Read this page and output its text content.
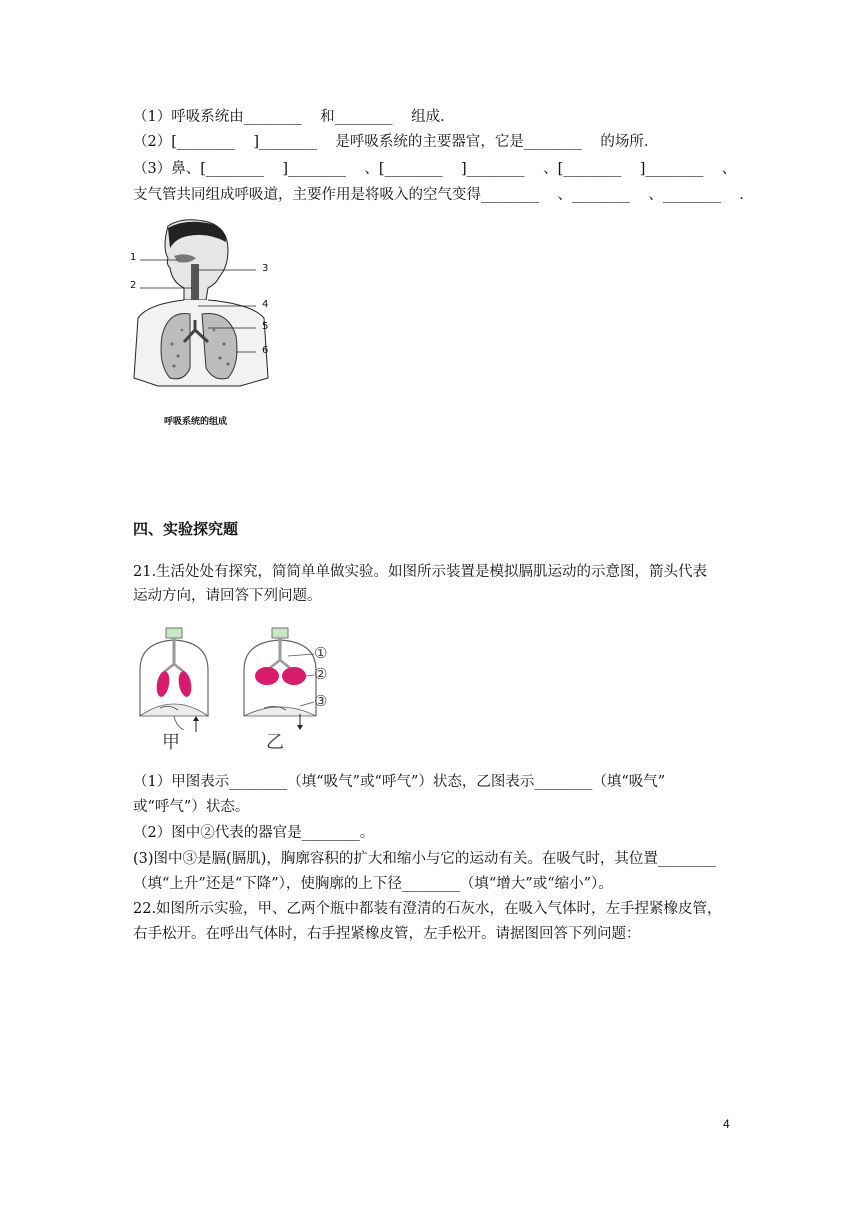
（1）呼吸系统由________    和________    组成．
（2）[________    ]________    是呼吸系统的主要器官，它是________    的场所．
（3）鼻、[________    ]________    、[________    ]________    、[________    ]________    、
支气管共同组成呼吸道，主要作用是将吸入的空气变得________    、________    、________    ．
1
2
3
4
5
6
呼吸系统的组成
四、实验探究题
21.生活处处有探究，简简单单做实验。如图所示装置是模拟膈肌运动的示意图，箭头代表
运动方向，请回答下列问题。
①
②
③
甲	乙
（1）甲图表示________（填“吸气”或“呼气”）状态，乙图表示________（填“吸气”
或“呼气”）状态。
（2）图中②代表的器官是________。
(3)图中③是膈(膈肌)，胸廓容积的扩大和缩小与它的运动有关。在吸气时，其位置________
（填“上升”还是“下降”），使胸廓的上下径________（填“增大”或“缩小”）。
22.如图所示实验，甲、乙两个瓶中都装有澄清的石灰水，在吸入气体时，左手捏紧橡皮管，
右手松开。在呼出气体时，右手捏紧橡皮管，左手松开。请据图回答下列问题：
4
